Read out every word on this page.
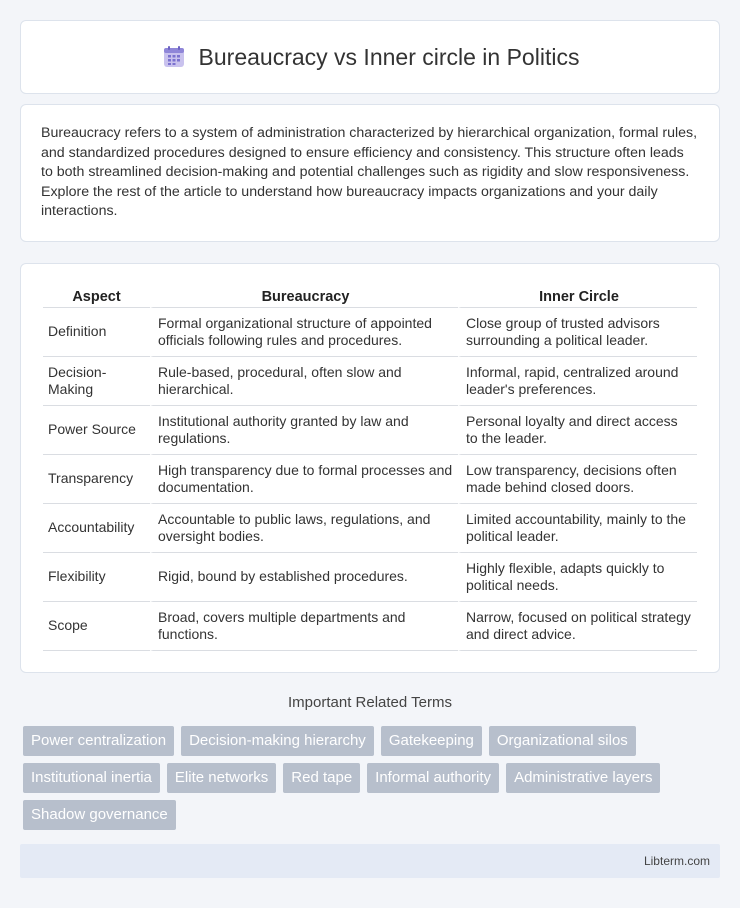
Bureaucracy vs Inner circle in Politics

Bureaucracy refers to a system of administration characterized by hierarchical organization, formal rules, and standardized procedures designed to ensure efficiency and consistency. This structure often leads to both streamlined decision-making and potential challenges such as rigidity and slow responsiveness. Explore the rest of the article to understand how bureaucracy impacts organizations and your daily interactions.

Aspect	Bureaucracy	Inner Circle
Definition	Formal organizational structure of appointed officials following rules and procedures.	Close group of trusted advisors surrounding a political leader.
Decision-Making	Rule-based, procedural, often slow and hierarchical.	Informal, rapid, centralized around leader's preferences.
Power Source	Institutional authority granted by law and regulations.	Personal loyalty and direct access to the leader.
Transparency	High transparency due to formal processes and documentation.	Low transparency, decisions often made behind closed doors.
Accountability	Accountable to public laws, regulations, and oversight bodies.	Limited accountability, mainly to the political leader.
Flexibility	Rigid, bound by established procedures.	Highly flexible, adapts quickly to political needs.
Scope	Broad, covers multiple departments and functions.	Narrow, focused on political strategy and direct advice.
Important Related Terms
Power centralization	Decision-making hierarchy	Gatekeeping	Organizational silos
Institutional inertia	Elite networks	Red tape	Informal authority	Administrative layers
Shadow governance
Libterm.com
